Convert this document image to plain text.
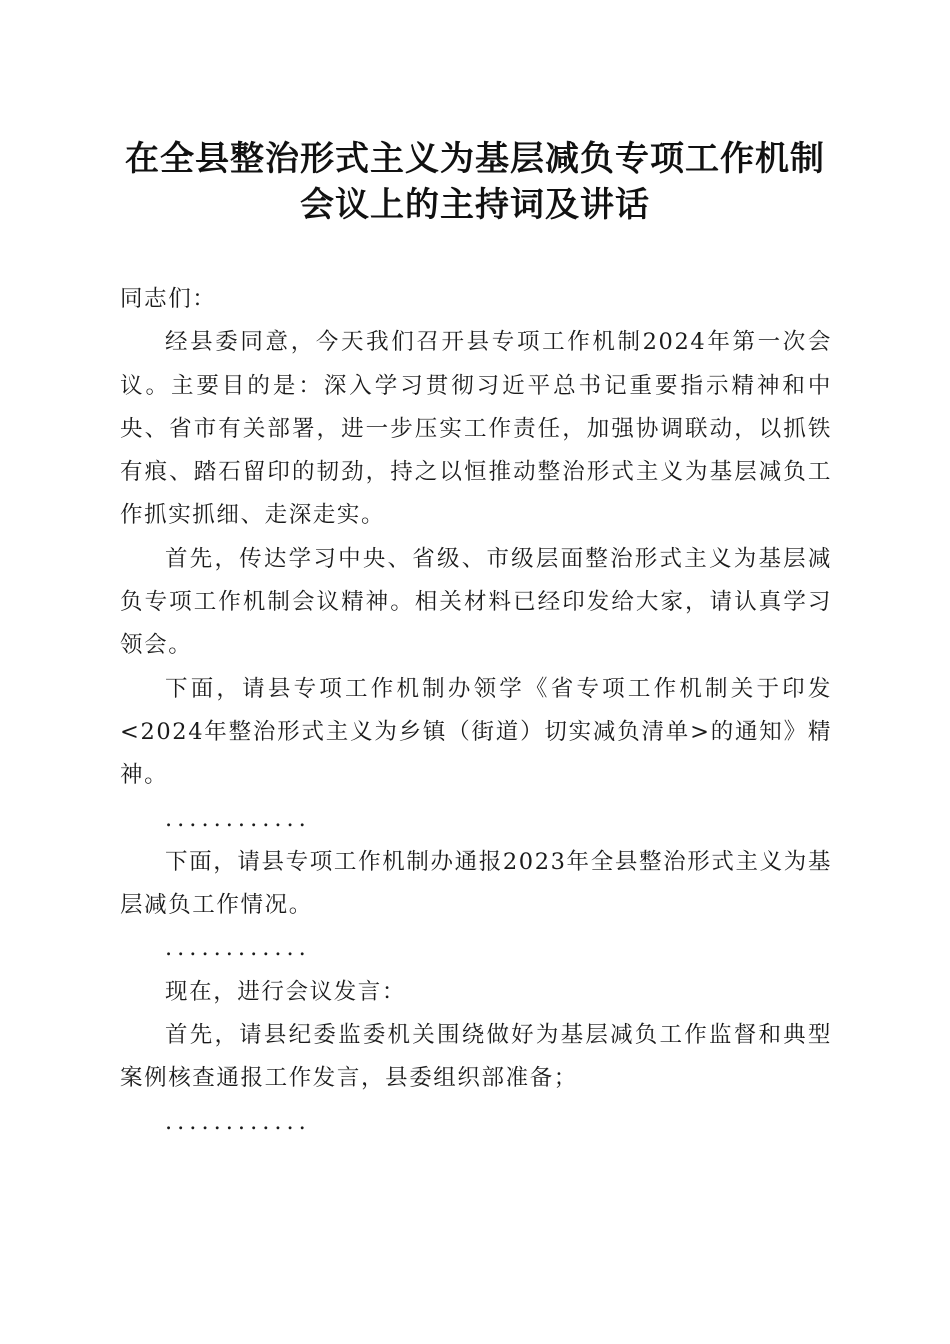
在全县整治形式主义为基层减负专项工作机制
会议上的主持词及讲话

同志们：

经县委同意，今天我们召开县专项工作机制2024年第一次会议。主要目的是：深入学习贯彻习近平总书记重要指示精神和中央、省市有关部署，进一步压实工作责任，加强协调联动，以抓铁有痕、踏石留印的韧劲，持之以恒推动整治形式主义为基层减负工作抓实抓细、走深走实。

首先，传达学习中央、省级、市级层面整治形式主义为基层减负专项工作机制会议精神。相关材料已经印发给大家，请认真学习领会。

下面，请县专项工作机制办领学《省专项工作机制关于印发<2024年整治形式主义为乡镇（街道）切实减负清单>的通知》精神。

............

下面，请县专项工作机制办通报2023年全县整治形式主义为基层减负工作情况。

............

现在，进行会议发言：

首先，请县纪委监委机关围绕做好为基层减负工作监督和典型案例核查通报工作发言，县委组织部准备；

............
